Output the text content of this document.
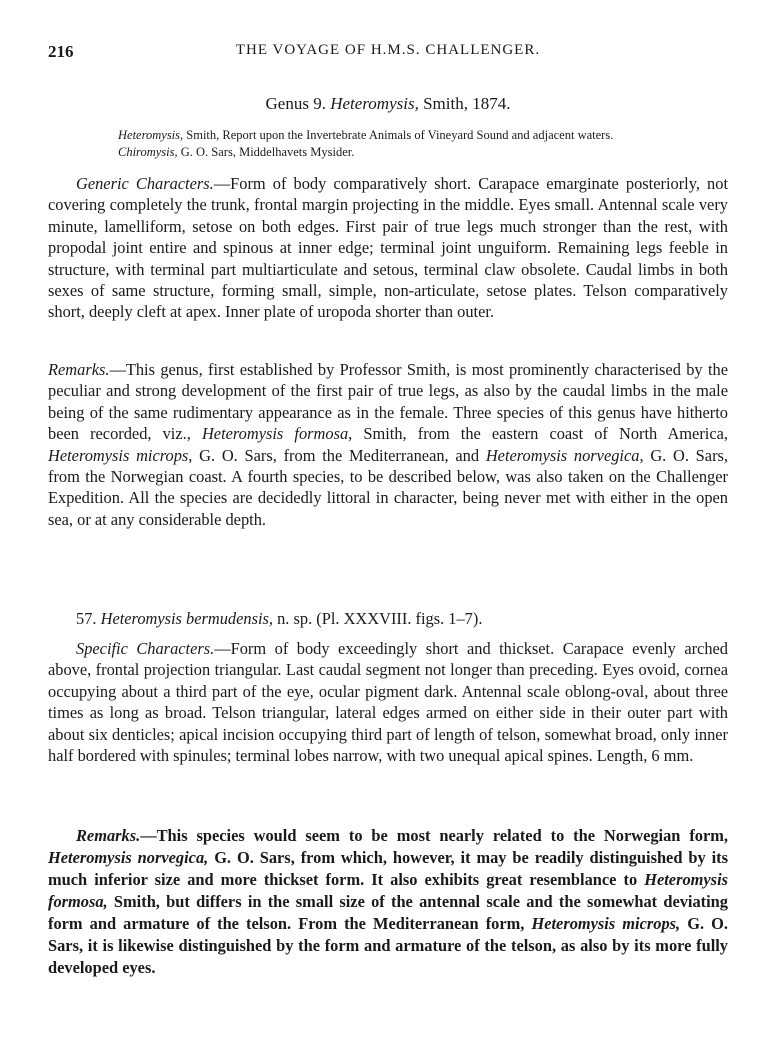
216	THE VOYAGE OF H.M.S. CHALLENGER.
Genus 9. Heteromysis, Smith, 1874.
Heteromysis, Smith, Report upon the Invertebrate Animals of Vineyard Sound and adjacent waters.
Chiromysis, G. O. Sars, Middelhavets Mysider.
Generic Characters.—Form of body comparatively short. Carapace emarginate posteriorly, not covering completely the trunk, frontal margin projecting in the middle. Eyes small. Antennal scale very minute, lamelliform, setose on both edges. First pair of true legs much stronger than the rest, with propodal joint entire and spinous at inner edge; terminal joint unguiform. Remaining legs feeble in structure, with terminal part multiarticulate and setous, terminal claw obsolete. Caudal limbs in both sexes of same structure, forming small, simple, non-articulate, setose plates. Telson comparatively short, deeply cleft at apex. Inner plate of uropoda shorter than outer.
Remarks.—This genus, first established by Professor Smith, is most prominently characterised by the peculiar and strong development of the first pair of true legs, as also by the caudal limbs in the male being of the same rudimentary appearance as in the female. Three species of this genus have hitherto been recorded, viz., Heteromysis formosa, Smith, from the eastern coast of North America, Heteromysis microps, G. O. Sars, from the Mediterranean, and Heteromysis norvegica, G. O. Sars, from the Norwegian coast. A fourth species, to be described below, was also taken on the Challenger Expedition. All the species are decidedly littoral in character, being never met with either in the open sea, or at any considerable depth.
57. Heteromysis bermudensis, n. sp. (Pl. XXXVIII. figs. 1–7).
Specific Characters.—Form of body exceedingly short and thickset. Carapace evenly arched above, frontal projection triangular. Last caudal segment not longer than preceding. Eyes ovoid, cornea occupying about a third part of the eye, ocular pigment dark. Antennal scale oblong-oval, about three times as long as broad. Telson triangular, lateral edges armed on either side in their outer part with about six denticles; apical incision occupying third part of length of telson, somewhat broad, only inner half bordered with spinules; terminal lobes narrow, with two unequal apical spines. Length, 6 mm.
Remarks.—This species would seem to be most nearly related to the Norwegian form, Heteromysis norvegica, G. O. Sars, from which, however, it may be readily distinguished by its much inferior size and more thickset form. It also exhibits great resemblance to Heteromysis formosa, Smith, but differs in the small size of the antennal scale and the somewhat deviating form and armature of the telson. From the Mediterranean form, Heteromysis microps, G. O. Sars, it is likewise distinguished by the form and armature of the telson, as also by its more fully developed eyes.
